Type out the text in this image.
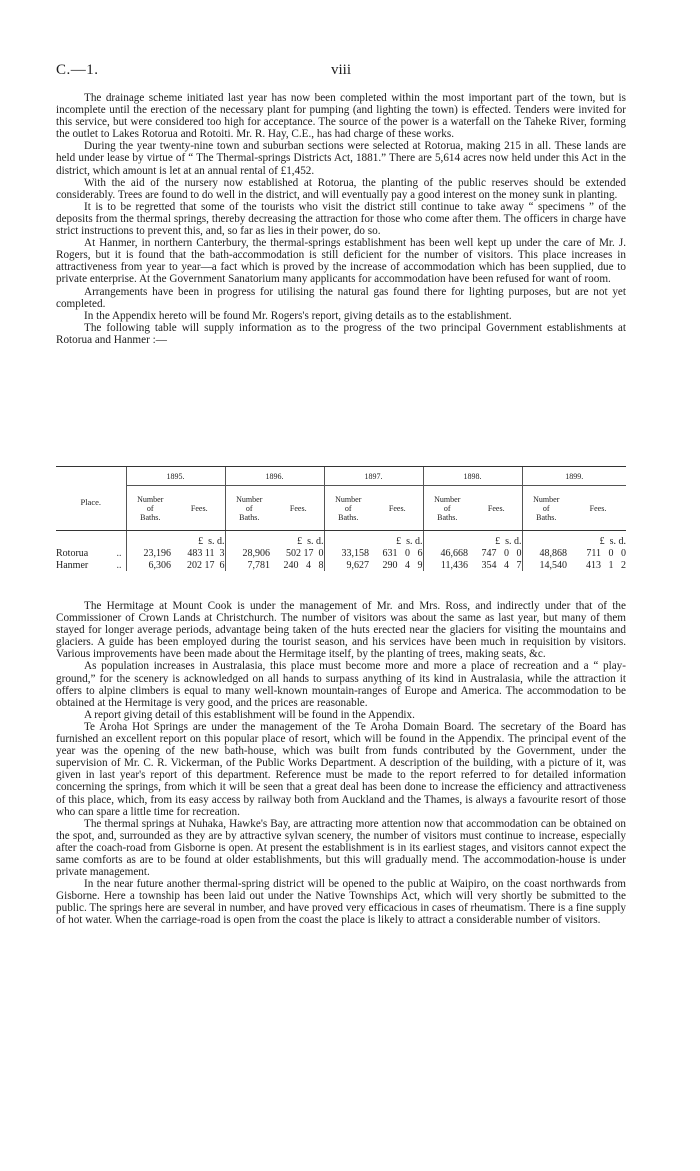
C.—1.	viii

The drainage scheme initiated last year has now been completed within the most important part of the town, but is incomplete until the erection of the necessary plant for pumping (and lighting the town) is effected. Tenders were invited for this service, but were considered too high for acceptance. The source of the power is a waterfall on the Taheke River, forming the outlet to Lakes Rotorua and Rotoiti. Mr. R. Hay, C.E., has had charge of these works.

During the year twenty-nine town and suburban sections were selected at Rotorua, making 215 in all. These lands are held under lease by virtue of “ The Thermal-springs Districts Act, 1881.” There are 5,614 acres now held under this Act in the district, which amount is let at an annual rental of £1,452.

With the aid of the nursery now established at Rotorua, the planting of the public reserves should be extended considerably. Trees are found to do well in the district, and will eventually pay a good interest on the money sunk in planting.

It is to be regretted that some of the tourists who visit the district still continue to take away “ specimens ” of the deposits from the thermal springs, thereby decreasing the attraction for those who come after them. The officers in charge have strict instructions to prevent this, and, so far as lies in their power, do so.

At Hanmer, in northern Canterbury, the thermal-springs establishment has been well kept up under the care of Mr. J. Rogers, but it is found that the bath-accommodation is still deficient for the number of visitors. This place increases in attractiveness from year to year—a fact which is proved by the increase of accommodation which has been supplied, due to private enterprise. At the Government Sanatorium many applicants for accommodation have been refused for want of room.

Arrangements have been in progress for utilising the natural gas found there for lighting purposes, but are not yet completed.

In the Appendix hereto will be found Mr. Rogers's report, giving details as to the establishment.

The following table will supply information as to the progress of the two principal Government establishments at Rotorua and Hanmer :—

Place.	1895.		1896.		1897.		1898.		1899.	
	Number
of
Baths.	Fees.	Number
of
Baths.	Fees.	Number
of
Baths.	Fees.	Number
of
Baths.	Fees.	Number
of
Baths.	Fees.
		£ s. d.		£ s. d.		£ s. d.		£ s. d.		£ s. d.
Rotorua ..	23,196	483 11 3	28,906	502 17 0	33,158	631 0 6	46,668	747 0 0	48,868	711 0 0
Hanmer ..	6,306	202 17 6	7,781	240 4 8	9,627	290 4 9	11,436	354 4 7	14,540	413 1 2

The Hermitage at Mount Cook is under the management of Mr. and Mrs. Ross, and indirectly under that of the Commissioner of Crown Lands at Christchurch. The number of visitors was about the same as last year, but many of them stayed for longer average periods, advantage being taken of the huts erected near the glaciers for visiting the mountains and glaciers. A guide has been employed during the tourist season, and his services have been much in requisition by visitors. Various improvements have been made about the Hermitage itself, by the planting of trees, making seats, &c.

As population increases in Australasia, this place must become more and more a place of recreation and a “ play-ground,” for the scenery is acknowledged on all hands to surpass anything of its kind in Australasia, while the attraction it offers to alpine climbers is equal to many well-known mountain-ranges of Europe and America. The accommodation to be obtained at the Hermitage is very good, and the prices are reasonable.

A report giving detail of this establishment will be found in the Appendix.

Te Aroha Hot Springs are under the management of the Te Aroha Domain Board. The secretary of the Board has furnished an excellent report on this popular place of resort, which will be found in the Appendix. The principal event of the year was the opening of the new bath-house, which was built from funds contributed by the Government, under the supervision of Mr. C. R. Vickerman, of the Public Works Department. A description of the building, with a picture of it, was given in last year's report of this department. Reference must be made to the report referred to for detailed information concerning the springs, from which it will be seen that a great deal has been done to increase the efficiency and attractiveness of this place, which, from its easy access by railway both from Auckland and the Thames, is always a favourite resort of those who can spare a little time for recreation.

The thermal springs at Nuhaka, Hawke's Bay, are attracting more attention now that accommodation can be obtained on the spot, and, surrounded as they are by attractive sylvan scenery, the number of visitors must continue to increase, especially after the coach-road from Gisborne is open. At present the establishment is in its earliest stages, and visitors cannot expect the same comforts as are to be found at older establishments, but this will gradually mend. The accommodation-house is under private management.

In the near future another thermal-spring district will be opened to the public at Waipiro, on the coast northwards from Gisborne. Here a township has been laid out under the Native Townships Act, which will very shortly be submitted to the public. The springs here are several in number, and have proved very efficacious in cases of rheumatism. There is a fine supply of hot water. When the carriage-road is open from the coast the place is likely to attract a considerable number of visitors.
